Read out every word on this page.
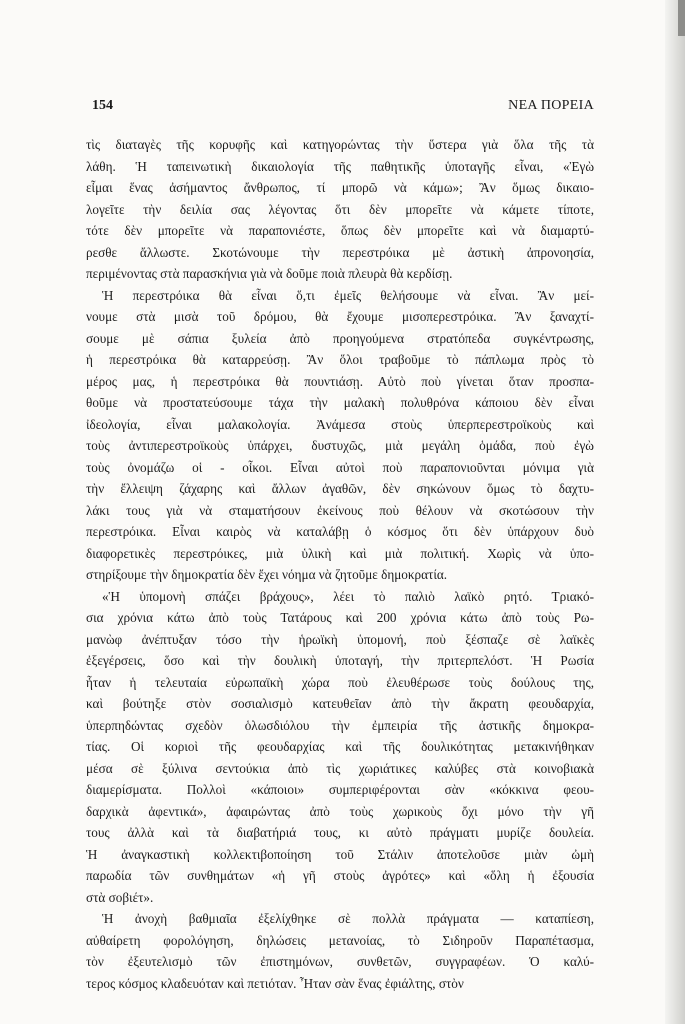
154	ΝΕΑ ΠΟΡΕΙΑ

τὶς διαταγὲς τῆς κορυφῆς καὶ κατηγορώντας τὴν ὕστερα γιὰ ὅλα τῆς τὰ
λάθη. Ἡ ταπεινωτικὴ δικαιολογία τῆς παθητικῆς ὑποταγῆς εἶναι, «Ἐγὼ
εἶμαι ἕνας ἀσήμαντος ἄνθρωπος, τί μπορῶ νὰ κάμω»; Ἂν ὅμως δικαιο-
λογεῖτε τὴν δειλία σας λέγοντας ὅτι δὲν μπορεῖτε νὰ κάμετε τίποτε,
τότε δὲν μπορεῖτε νὰ παραπονιέστε, ὅπως δὲν μπορεῖτε καὶ νὰ διαμαρτύ-
ρεσθε ἄλλωστε. Σκοτώνουμε τὴν περεστρόικα μὲ ἀστικὴ ἀπρονοησία,
περιμένοντας στὰ παρασκήνια γιὰ νὰ δοῦμε ποιὰ πλευρὰ θὰ κερδίσῃ.

Ἡ περεστρόικα θὰ εἶναι ὅ,τι ἐμεῖς θελήσουμε νὰ εἶναι. Ἂν μεί-
νουμε στὰ μισὰ τοῦ δρόμου, θὰ ἔχουμε μισοπερεστρόικα. Ἂν ξαναχτί-
σουμε μὲ σάπια ξυλεία ἀπὸ προηγούμενα στρατόπεδα συγκέντρωσης,
ἡ περεστρόικα θὰ καταρρεύσῃ. Ἂν ὅλοι τραβοῦμε τὸ πάπλωμα πρὸς τὸ
μέρος μας, ἡ περεστρόικα θὰ πουντιάσῃ. Αὐτὸ ποὺ γίνεται ὅταν προσπα-
θοῦμε νὰ προστατεύσουμε τάχα τὴν μαλακὴ πολυθρόνα κάποιου δὲν εἶναι
ἰδεολογία, εἶναι μαλακολογία. Ἀνάμεσα στοὺς ὑπερπερεστροϊκοὺς καὶ
τοὺς ἀντιπερεστροϊκοὺς ὑπάρχει, δυστυχῶς, μιὰ μεγάλη ὁμάδα, ποὺ ἐγὼ
τοὺς ὀνομάζω οἱ - οἶκοι. Εἶναι αὐτοὶ ποὺ παραπονιοῦνται μόνιμα γιὰ
τὴν ἔλλειψη ζάχαρης καὶ ἄλλων ἀγαθῶν, δὲν σηκώνουν ὅμως τὸ δαχτυ-
λάκι τους γιὰ νὰ σταματήσουν ἐκείνους ποὺ θέλουν νὰ σκοτώσουν τὴν
περεστρόικα. Εἶναι καιρὸς νὰ καταλάβῃ ὁ κόσμος ὅτι δὲν ὑπάρχουν δυὸ
διαφορετικὲς περεστρόικες, μιὰ ὑλικὴ καὶ μιὰ πολιτική. Χωρὶς νὰ ὑπο-
στηρίξουμε τὴν δημοκρατία δὲν ἔχει νόημα νὰ ζητοῦμε δημοκρατία.

«Ἡ ὑπομονὴ σπάζει βράχους», λέει τὸ παλιὸ λαϊκὸ ρητό. Τριακό-
σια χρόνια κάτω ἀπὸ τοὺς Τατάρους καὶ 200 χρόνια κάτω ἀπὸ τοὺς Ρω-
μανὼφ ἀνέπτυξαν τόσο τὴν ἡρωϊκὴ ὑπομονή, ποὺ ξέσπαζε σὲ λαϊκὲς
ἐξεγέρσεις, ὅσο καὶ τὴν δουλικὴ ὑποταγή, τὴν πριτερπελόστ. Ἡ Ρωσία
ἦταν ἡ τελευταία εὐρωπαϊκὴ χώρα ποὺ ἐλευθέρωσε τοὺς δούλους της,
καὶ βούτηξε στὸν σοσιαλισμὸ κατευθεῖαν ἀπὸ τὴν ἄκρατη φεουδαρχία,
ὑπερπηδώντας σχεδὸν ὁλωσδιόλου τὴν ἐμπειρία τῆς ἀστικῆς δημοκρα-
τίας. Οἱ κοριοὶ τῆς φεουδαρχίας καὶ τῆς δουλικότητας μετακινήθηκαν
μέσα σὲ ξύλινα σεντούκια ἀπὸ τὶς χωριάτικες καλύβες στὰ κοινοβιακὰ
διαμερίσματα. Πολλοὶ «κάποιοι» συμπεριφέρονται σὰν «κόκκινα φεου-
δαρχικὰ ἀφεντικά», ἀφαιρώντας ἀπὸ τοὺς χωρικοὺς ὄχι μόνο τὴν γῆ
τους ἀλλὰ καὶ τὰ διαβατήριά τους, κι αὐτὸ πράγματι μυρίζε δουλεία.
Ἡ ἀναγκαστικὴ κολλεκτιβοποίηση τοῦ Στάλιν ἀποτελοῦσε μιὰν ὠμὴ
παρωδία τῶν συνθημάτων «ἡ γῆ στοὺς ἀγρότες» καὶ «ὅλη ἡ ἐξουσία
στὰ σοβιέτ».

Ἡ ἀνοχὴ βαθμιαῖα ἐξελίχθηκε σὲ πολλὰ πράγματα — καταπίεση,
αὐθαίρετη φορολόγηση, δηλώσεις μετανοίας, τὸ Σιδηροῦν Παραπέτασμα,
τὸν ἐξευτελισμὸ τῶν ἐπιστημόνων, συνθετῶν, συγγραφέων. Ὁ καλύ-
τερος κόσμος κλαδευόταν καὶ πετιόταν. Ἦταν σὰν ἕνας ἐφιάλτης, στὸν
